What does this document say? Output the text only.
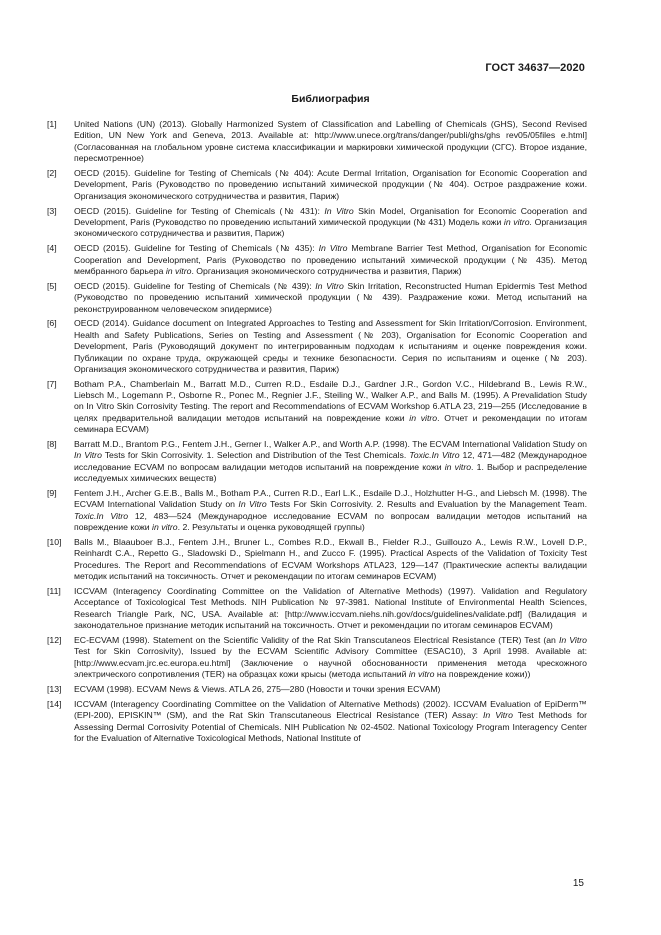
ГОСТ 34637—2020
Библиография
[1]	United Nations (UN) (2013). Globally Harmonized System of Classification and Labelling of Chemicals (GHS), Second Revised Edition, UN New York and Geneva, 2013. Available at: http://www.unece.org/trans/danger/publi/ghs/ghs rev05/05files e.html] (Согласованная на глобальном уровне система классификации и маркировки химической продукции (СГС). Второе издание, пересмотренное)
[2]	OECD (2015). Guideline for Testing of Chemicals (№ 404): Acute Dermal Irritation, Organisation for Economic Cooperation and Development, Paris (Руководство по проведению испытаний химической продукции (№ 404). Острое раздражение кожи. Организация экономического сотрудничества и развития, Париж)
[3]	OECD (2015). Guideline for Testing of Chemicals (№ 431): In Vitro Skin Model, Organisation for Economic Cooperation and Development, Paris (Руководство по проведению испытаний химической продукции (№ 431) Модель кожи in vitro. Организация экономического сотрудничества и развития, Париж)
[4]	OECD (2015). Guideline for Testing of Chemicals (№ 435): In Vitro Membrane Barrier Test Method, Organisation for Economic Cooperation and Development, Paris (Руководство по проведению испытаний химической продукции (№ 435). Метод мембранного барьера in vitro. Организация экономического сотрудничества и развития, Париж)
[5]	OECD (2015). Guideline for Testing of Chemicals (№ 439): In Vitro Skin Irritation, Reconstructed Human Epidermis Test Method (Руководство по проведению испытаний химической продукции (№ 439). Раздражение кожи. Метод испытаний на реконструированном человеческом эпидермисе)
[6]	OECD (2014). Guidance document on Integrated Approaches to Testing and Assessment for Skin Irritation/Corrosion. Environment, Health and Safety Publications, Series on Testing and Assessment (№ 203), Organisation for Economic Cooperation and Development, Paris (Руководящий документ по интегрированным подходам к испытаниям и оценке повреждения кожи. Публикации по охране труда, окружающей среды и технике безопасности. Серия по испытаниям и оценке (№ 203). Организация экономического сотрудничества и развития, Париж)
[7]	Botham P.A., Chamberlain M., Barratt M.D., Curren R.D., Esdaile D.J., Gardner J.R., Gordon V.C., Hildebrand B., Lewis R.W., Liebsch M., Logemann P., Osborne R., Ponec M., Regnier J.F., Steiling W., Walker A.P., and Balls M. (1995). A Prevalidation Study on In Vitro Skin Corrosivity Testing. The report and Recommendations of ECVAM Workshop 6.ATLA 23, 219—255 (Исследование в целях предварительной валидации методов испытаний на повреждение кожи in vitro. Отчет и рекомендации по итогам семинара ECVAM)
[8]	Barratt M.D., Brantom P.G., Fentem J.H., Gerner I., Walker A.P., and Worth A.P. (1998). The ECVAM International Validation Study on In Vitro Tests for Skin Corrosivity. 1. Selection and Distribution of the Test Chemicals. Toxic.In Vitro 12, 471—482 (Международное исследование ECVAM по вопросам валидации методов испытаний на повреждение кожи in vitro. 1. Выбор и распределение исследуемых химических веществ)
[9]	Fentem J.H., Archer G.E.B., Balls M., Botham P.A., Curren R.D., Earl L.K., Esdaile D.J., Holzhutter H-G., and Liebsch M. (1998). The ECVAM International Validation Study on In Vitro Tests For Skin Corrosivity. 2. Results and Evaluation by the Management Team. Toxic.In Vitro 12, 483—524 (Международное исследование ECVAM по вопросам валидации методов испытаний на повреждение кожи in vitro. 2. Результаты и оценка руководящей группы)
[10]	Balls M., Blaauboer B.J., Fentem J.H., Bruner L., Combes R.D., Ekwall B., Fielder R.J., Guillouzo A., Lewis R.W., Lovell D.P., Reinhardt C.A., Repetto G., Sladowski D., Spielmann H., and Zucco F. (1995). Practical Aspects of the Validation of Toxicity Test Procedures. The Report and Recommendations of ECVAM Workshops ATLA23, 129—147 (Практические аспекты валидации методик испытаний на токсичность. Отчет и рекомендации по итогам семинаров ECVAM)
[11]	ICCVAM (Interagency Coordinating Committee on the Validation of Alternative Methods) (1997). Validation and Regulatory Acceptance of Toxicological Test Methods. NIH Publication № 97-3981. National Institute of Environmental Health Sciences, Research Triangle Park, NC, USA. Available at: [http://www.iccvam.niehs.nih.gov/docs/guidelines/validate.pdf] (Валидация и законодательное признание методик испытаний на токсичность. Отчет и рекомендации по итогам семинаров ECVAM)
[12]	EC-ECVAM (1998). Statement on the Scientific Validity of the Rat Skin Transcutaneos Electrical Resistance (TER) Test (an In Vitro Test for Skin Corrosivity), Issued by the ECVAM Scientific Advisory Committee (ESAC10), 3 April 1998. Available at: [http://www.ecvam.jrc.ec.europa.eu.html] (Заключение о научной обоснованности применения метода чрескожного электрического сопротивления (TER) на образцах кожи крысы (метода испытаний in vitro на повреждение кожи))
[13]	ECVAM (1998). ECVAM News & Views. ATLA 26, 275—280 (Новости и точки зрения ECVAM)
[14]	ICCVAM (Interagency Coordinating Committee on the Validation of Alternative Methods) (2002). ICCVAM Evaluation of EpiDerm™ (EPI-200), EPISKIN™ (SM), and the Rat Skin Transcutaneous Electrical Resistance (TER) Assay: In Vitro Test Methods for Assessing Dermal Corrosivity Potential of Chemicals. NIH Publication № 02-4502. National Toxicology Program Interagency Center for the Evaluation of Alternative Toxicological Methods, National Institute of
15
